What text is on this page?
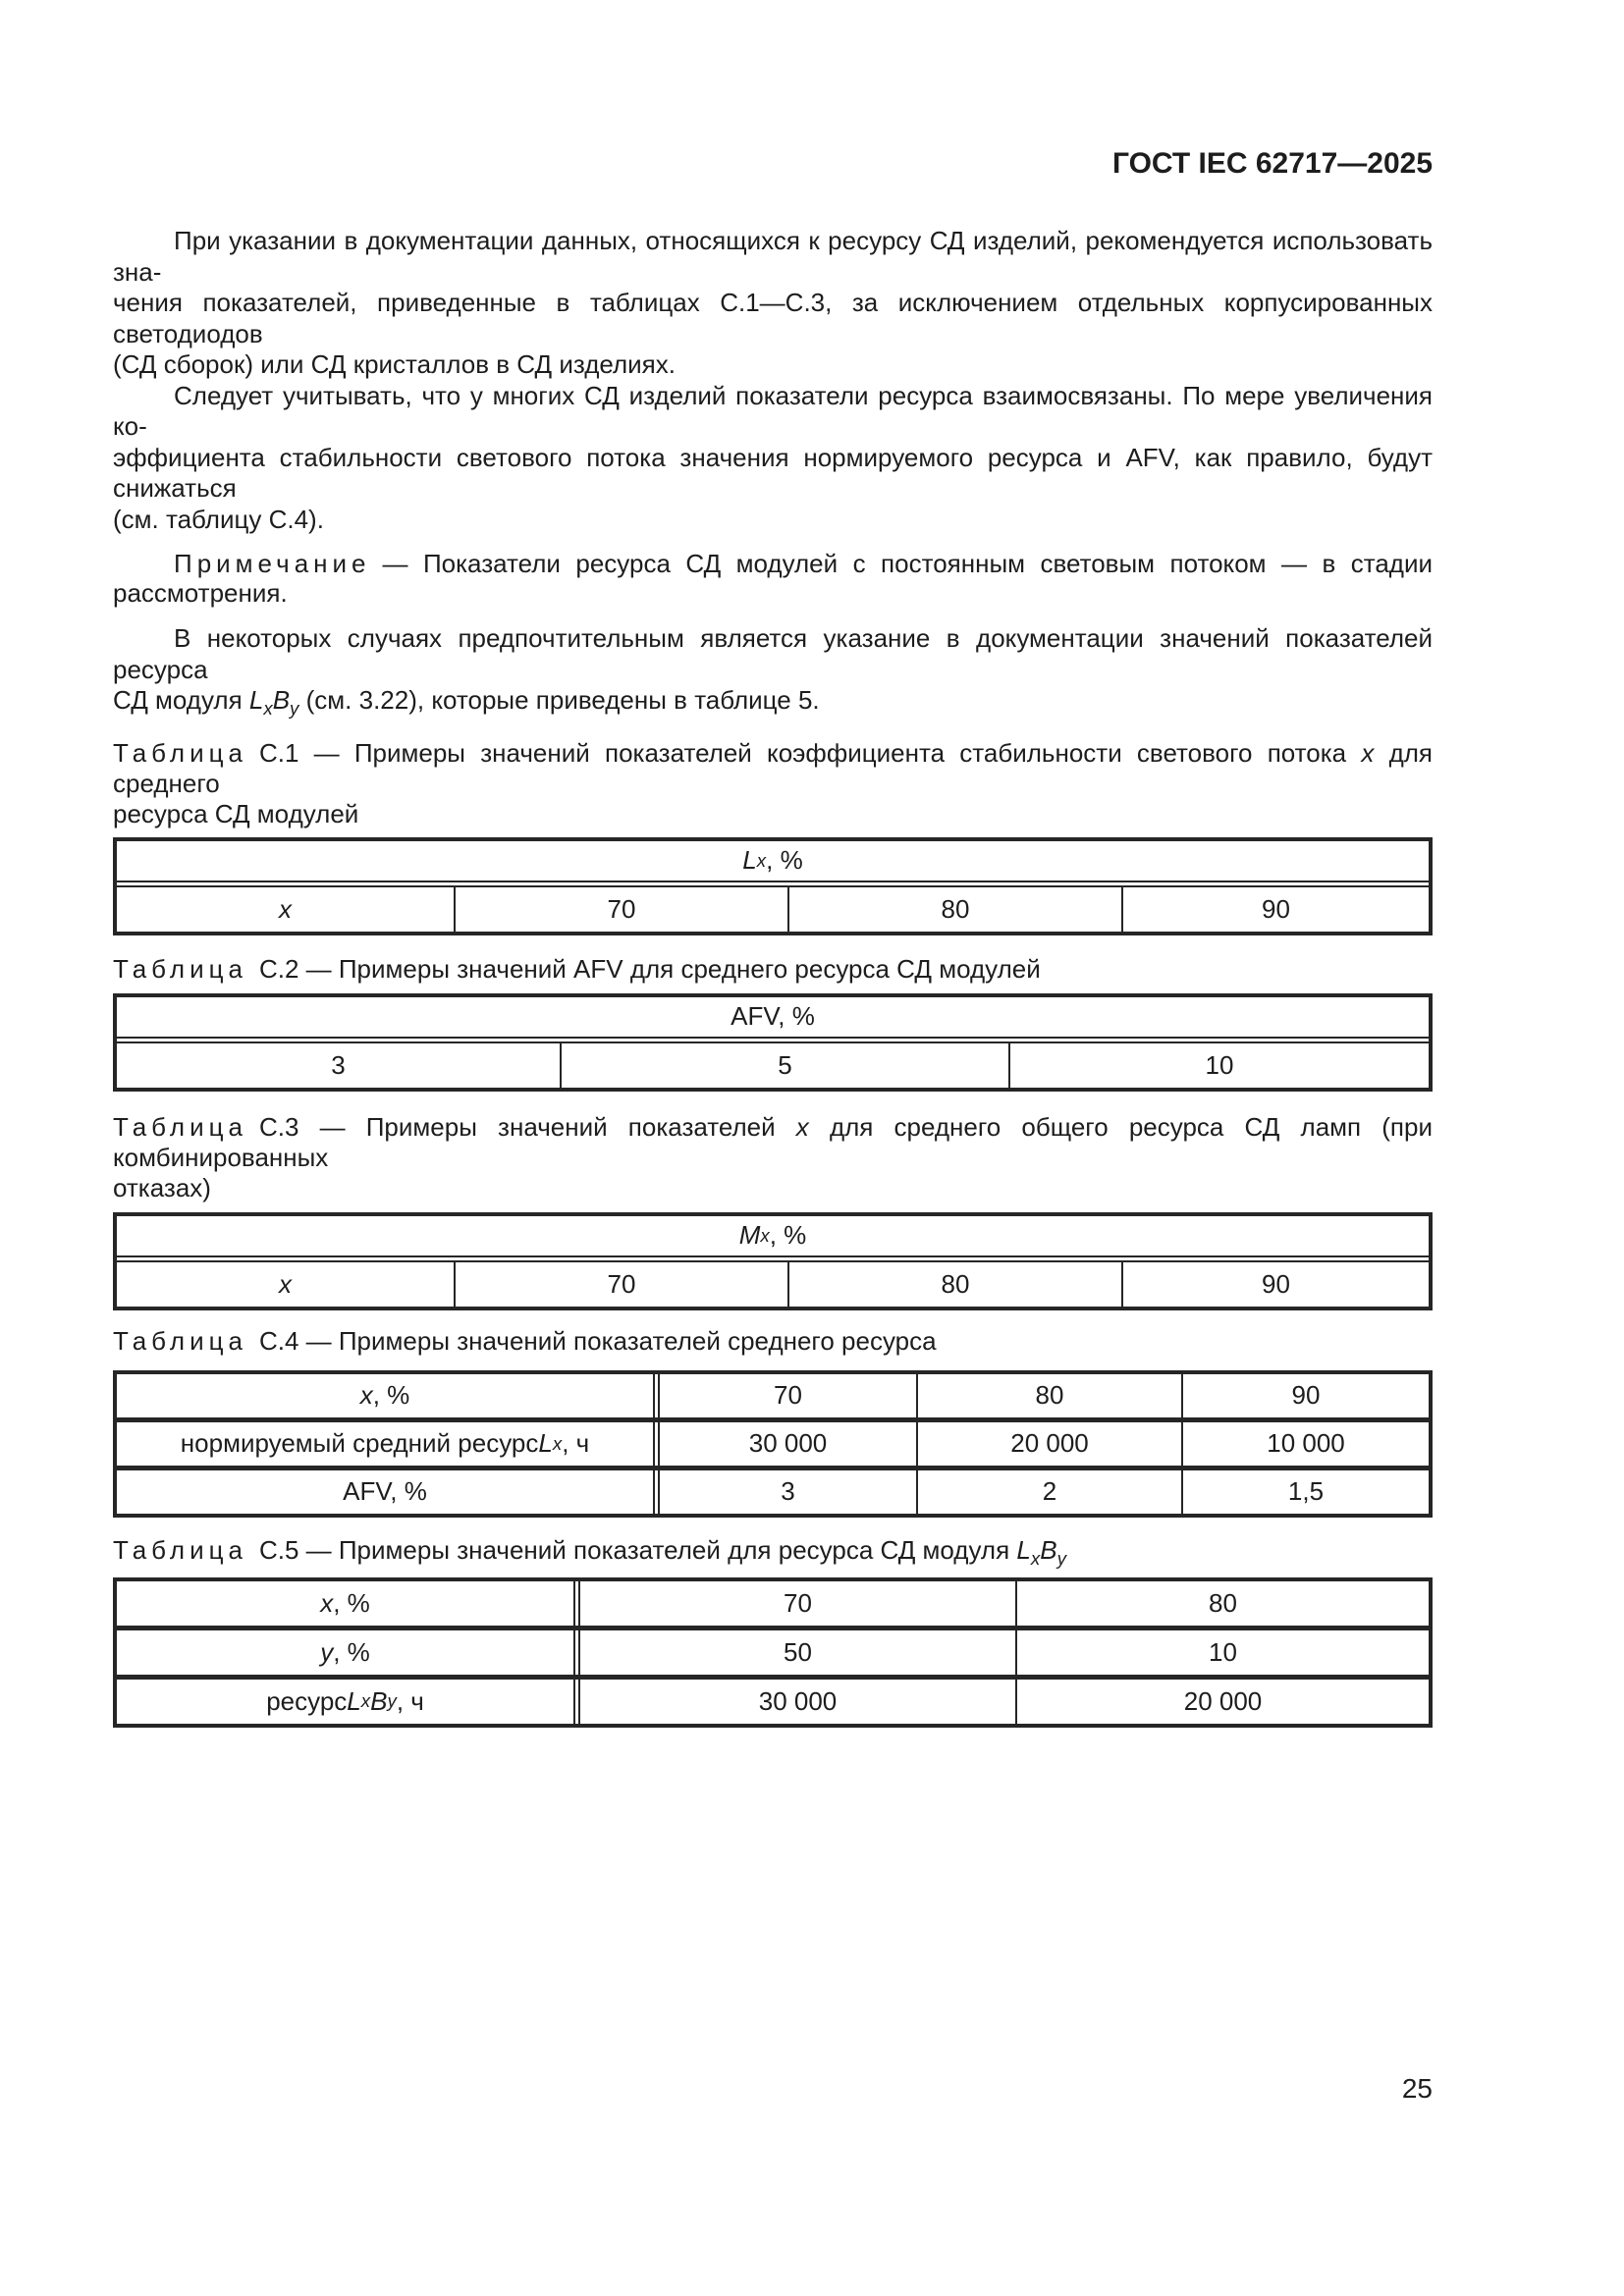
ГОСТ IEC 62717—2025
При указании в документации данных, относящихся к ресурсу СД изделий, рекомендуется использовать зна-
чения показателей, приведенные в таблицах С.1—С.3, за исключением отдельных корпусированных светодиодов
(СД сборок) или СД кристаллов в СД изделиях.
Следует учитывать, что у многих СД изделий показатели ресурса взаимосвязаны. По мере увеличения ко-
эффициента стабильности светового потока значения нормируемого ресурса и AFV, как правило, будут снижаться
(см. таблицу С.4).
Примечание — Показатели ресурса СД модулей с постоянным световым потоком — в стадии
рассмотрения.
В некоторых случаях предпочтительным является указание в документации значений показателей ресурса
СД модуля $L_xB_y$ (см. 3.22), которые приведены в таблице 5.
Таблица С.1 — Примеры значений показателей коэффициента стабильности светового потока x для среднего
ресурса СД модулей
L x , %
x	70	80	90
Таблица С.2 — Примеры значений AFV для среднего ресурса СД модулей
AFV, %
3	5	10
Таблица С.3 — Примеры значений показателей x для среднего общего ресурса СД ламп (при комбинированных
отказах)
M x , %
x	70	80	90
Таблица С.4 — Примеры значений показателей среднего ресурса
x , %	70	80	90
нормируемый средний ресурс L x , ч	30 000	20 000	10 000
AFV, %	3	2	1,5
Таблица С.5 — Примеры значений показателей для ресурса СД модуля $L_xB_y$
x , %	70	80
y , %	50	10
ресурс L x B y , ч	30 000	20 000
25
